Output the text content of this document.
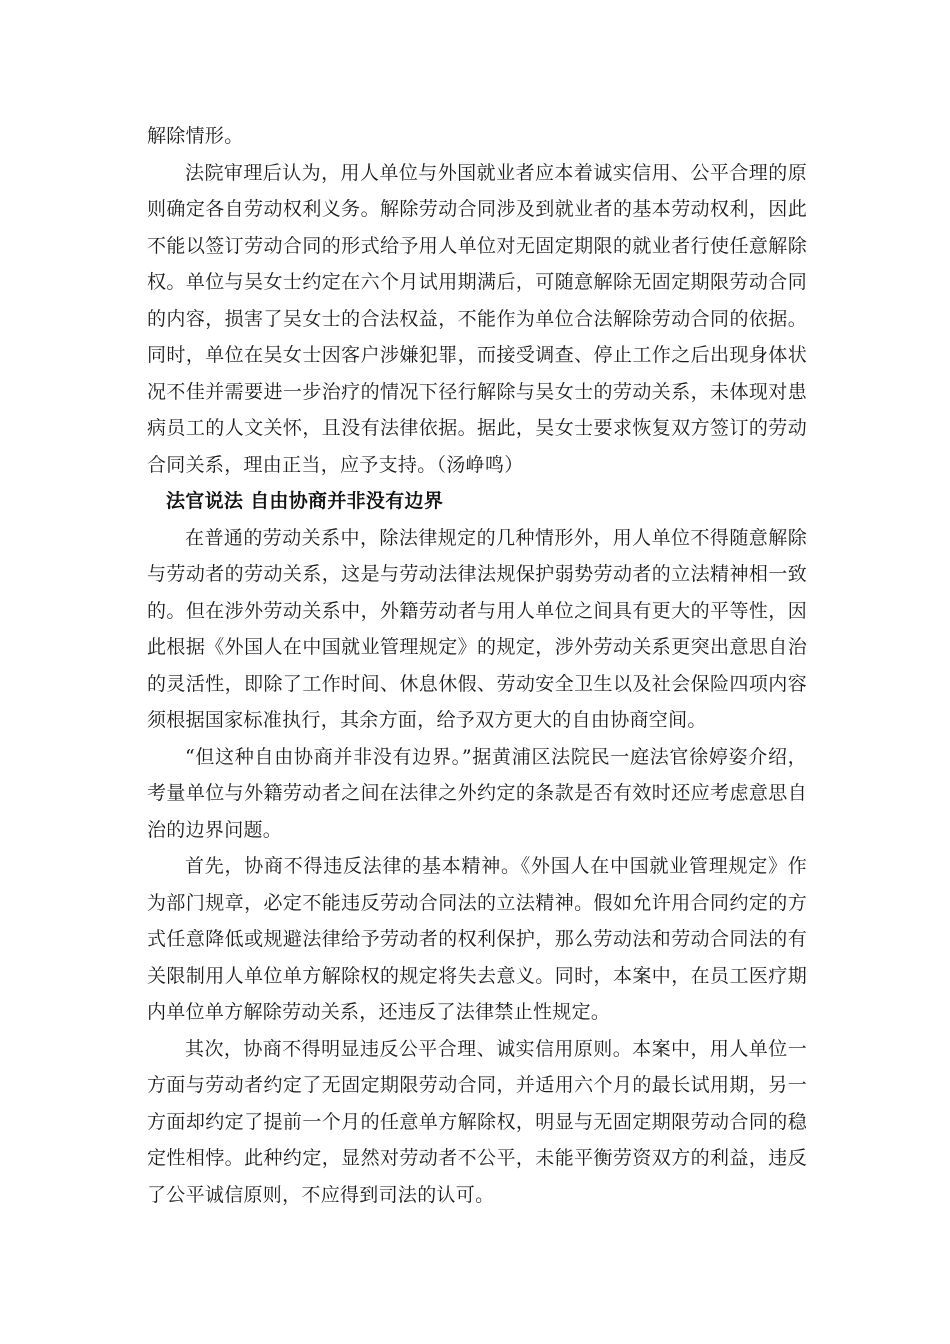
解除情形。

法院审理后认为，用人单位与外国就业者应本着诚实信用、公平合理的原则确定各自劳动权利义务。解除劳动合同涉及到就业者的基本劳动权利，因此不能以签订劳动合同的形式给予用人单位对无固定期限的就业者行使任意解除权。单位与吴女士约定在六个月试用期满后，可随意解除无固定期限劳动合同的内容，损害了吴女士的合法权益，不能作为单位合法解除劳动合同的依据。同时，单位在吴女士因客户涉嫌犯罪，而接受调查、停止工作之后出现身体状况不佳并需要进一步治疗的情况下径行解除与吴女士的劳动关系，未体现对患病员工的人文关怀，且没有法律依据。据此，吴女士要求恢复双方签订的劳动合同关系，理由正当，应予支持。（汤峥鸣）

法官说法 自由协商并非没有边界

在普通的劳动关系中，除法律规定的几种情形外，用人单位不得随意解除与劳动者的劳动关系，这是与劳动法律法规保护弱势劳动者的立法精神相一致的。但在涉外劳动关系中，外籍劳动者与用人单位之间具有更大的平等性，因此根据《外国人在中国就业管理规定》的规定，涉外劳动关系更突出意思自治的灵活性，即除了工作时间、休息休假、劳动安全卫生以及社会保险四项内容须根据国家标准执行，其余方面，给予双方更大的自由协商空间。

“但这种自由协商并非没有边界。”据黄浦区法院民一庭法官徐婷姿介绍，考量单位与外籍劳动者之间在法律之外约定的条款是否有效时还应考虑意思自治的边界问题。

首先，协商不得违反法律的基本精神。《外国人在中国就业管理规定》作为部门规章，必定不能违反劳动合同法的立法精神。假如允许用合同约定的方式任意降低或规避法律给予劳动者的权利保护，那么劳动法和劳动合同法的有关限制用人单位单方解除权的规定将失去意义。同时，本案中，在员工医疗期内单位单方解除劳动关系，还违反了法律禁止性规定。

其次，协商不得明显违反公平合理、诚实信用原则。本案中，用人单位一方面与劳动者约定了无固定期限劳动合同，并适用六个月的最长试用期，另一方面却约定了提前一个月的任意单方解除权，明显与无固定期限劳动合同的稳定性相悖。此种约定，显然对劳动者不公平，未能平衡劳资双方的利益，违反了公平诚信原则，不应得到司法的认可。
